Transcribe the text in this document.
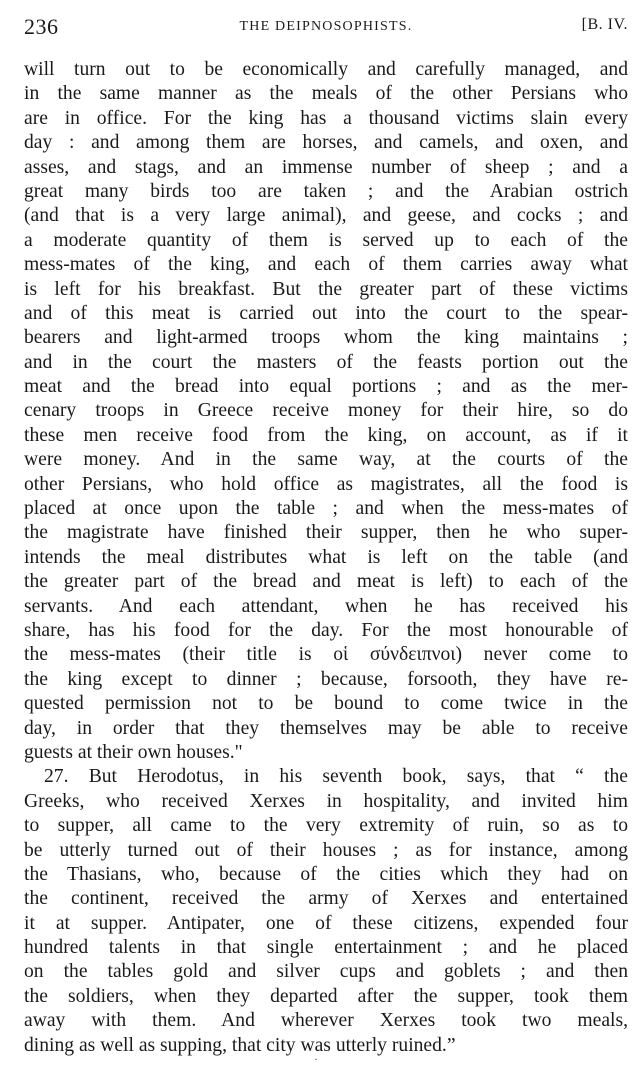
236	THE DEIPNOSOPHISTS.	[B. IV.
will turn out to be economically and carefully managed, and
in the same manner as the meals of the other Persians who
are in office. For the king has a thousand victims slain every
day : and among them are horses, and camels, and oxen, and
asses, and stags, and an immense number of sheep ; and a
great many birds too are taken ; and the Arabian ostrich
(and that is a very large animal), and geese, and cocks ; and
a moderate quantity of them is served up to each of the
mess-mates of the king, and each of them carries away what
is left for his breakfast. But the greater part of these victims
and of this meat is carried out into the court to the spear-
bearers and light-armed troops whom the king maintains ;
and in the court the masters of the feasts portion out the
meat and the bread into equal portions ; and as the mer-
cenary troops in Greece receive money for their hire, so do
these men receive food from the king, on account, as if it
were money. And in the same way, at the courts of the
other Persians, who hold office as magistrates, all the food is
placed at once upon the table ; and when the mess-mates of
the magistrate have finished their supper, then he who super-
intends the meal distributes what is left on the table (and
the greater part of the bread and meat is left) to each of the
servants. And each attendant, when he has received his
share, has his food for the day. For the most honourable of
the mess-mates (their title is οἱ σύνδειπνοι) never come to
the king except to dinner ; because, forsooth, they have re-
quested permission not to be bound to come twice in the
day, in order that they themselves may be able to receive
guests at their own houses."
27. But Herodotus, in his seventh book, says, that “ the
Greeks, who received Xerxes in hospitality, and invited him
to supper, all came to the very extremity of ruin, so as to
be utterly turned out of their houses ; as for instance, among
the Thasians, who, because of the cities which they had on
the continent, received the army of Xerxes and entertained
it at supper. Antipater, one of these citizens, expended four
hundred talents in that single entertainment ; and he placed
on the tables gold and silver cups and goblets ; and then
the soldiers, when they departed after the supper, took them
away with them. And wherever Xerxes took two meals,
dining as well as supping, that city was utterly ruined.”
·
